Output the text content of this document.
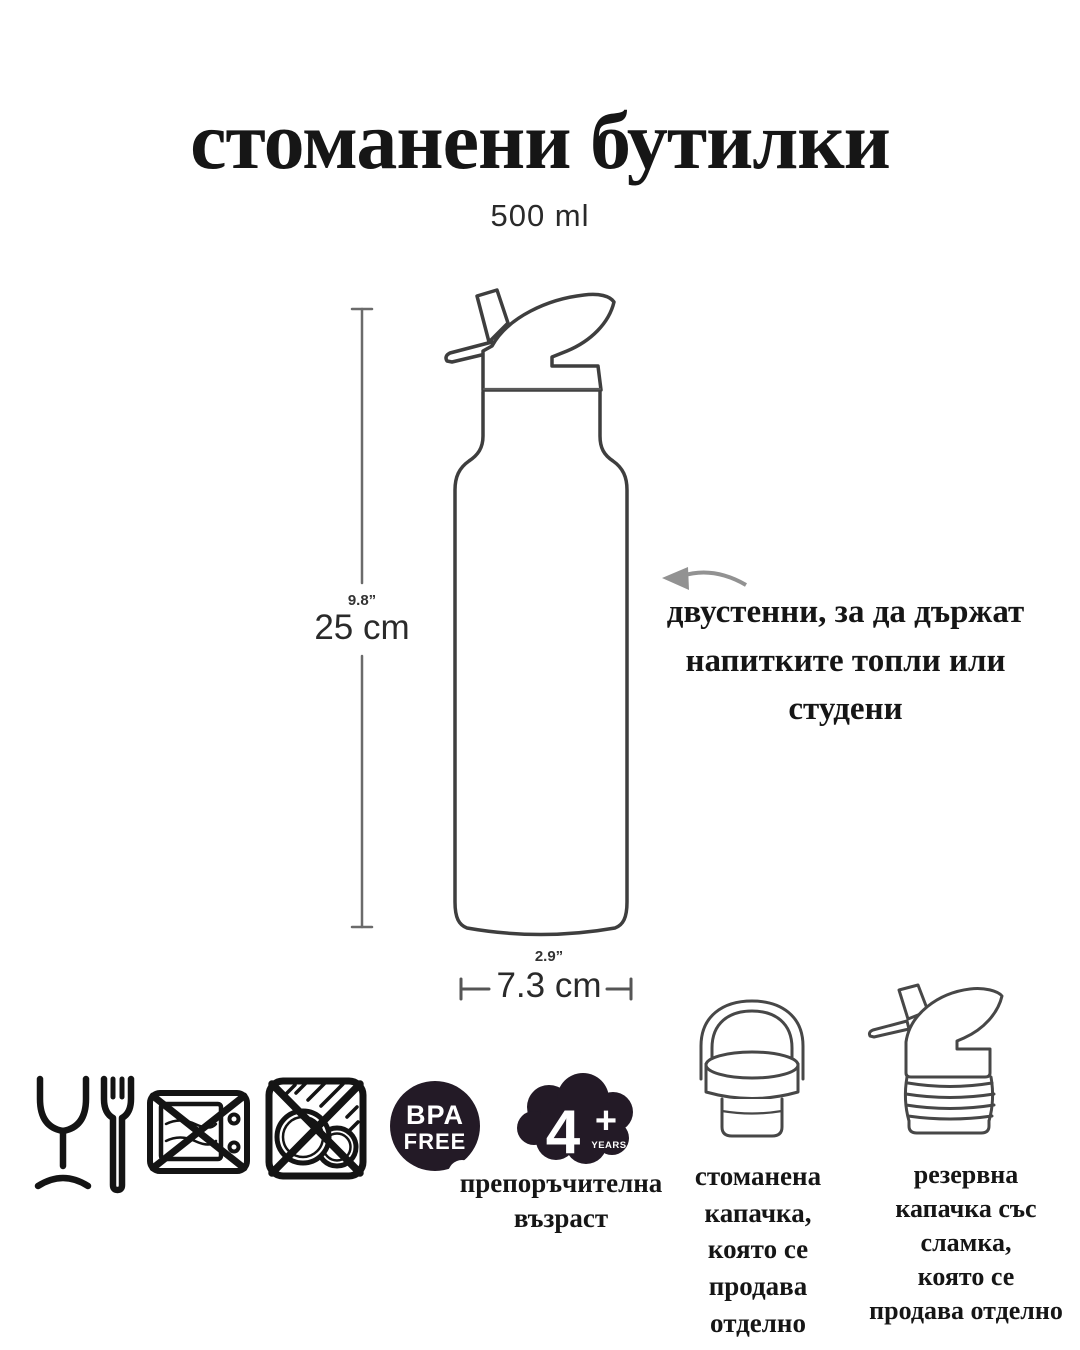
BPA
FREE 4 +
YEARS
стоманени бутилки
500 ml
9.8”
25 cm
2.9”
7.3 cm
двустенни, за да държат
напитките топли или
студени
препоръчителна
възраст
стоманена
капачка,
която се
продава
отделно
резервна
капачка със
сламка,
която се
продава отделно
